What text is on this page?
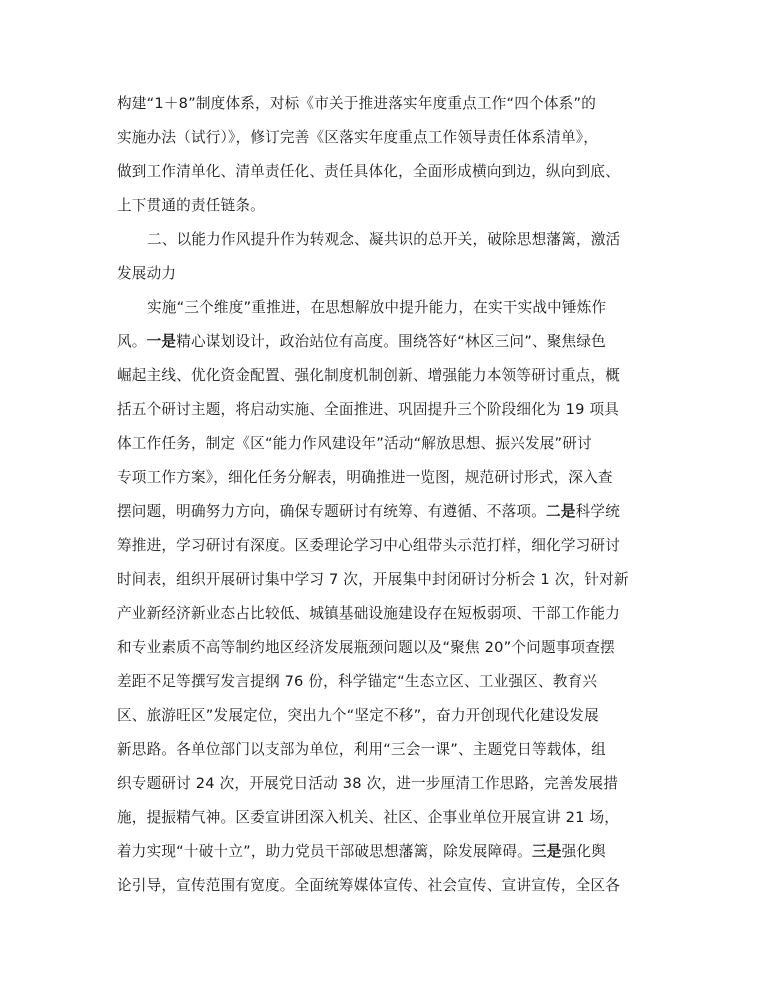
构建“1＋8”制度体系，对标《市关于推进落实年度重点工作“四个体系”的
实施办法（试行）》，修订完善《区落实年度重点工作领导责任体系清单》，
做到工作清单化、清单责任化、责任具体化，全面形成横向到边，纵向到底、
上下贯通的责任链条。
二、以能力作风提升作为转观念、凝共识的总开关，破除思想藩篱，激活
发展动力
实施“三个维度”重推进，在思想解放中提升能力，在实干实战中锤炼作
风。一是精心谋划设计，政治站位有高度。围绕答好“林区三问”、聚焦绿色
崛起主线、优化资金配置、强化制度机制创新、增强能力本领等研讨重点，概
括五个研讨主题，将启动实施、全面推进、巩固提升三个阶段细化为 19 项具
体工作任务，制定《区“能力作风建设年”活动“解放思想、振兴发展”研讨
专项工作方案》，细化任务分解表，明确推进一览图，规范研讨形式，深入查
摆问题，明确努力方向，确保专题研讨有统筹、有遵循、不落项。二是科学统
筹推进，学习研讨有深度。区委理论学习中心组带头示范打样，细化学习研讨
时间表，组织开展研讨集中学习 7 次，开展集中封闭研讨分析会 1 次，针对新
产业新经济新业态占比较低、城镇基础设施建设存在短板弱项、干部工作能力
和专业素质不高等制约地区经济发展瓶颈问题以及“聚焦 20”个问题事项查摆
差距不足等撰写发言提纲 76 份，科学锚定“生态立区、工业强区、教育兴
区、旅游旺区”发展定位，突出九个“坚定不移”，奋力开创现代化建设发展
新思路。各单位部门以支部为单位，利用“三会一课”、主题党日等载体，组
织专题研讨 24 次，开展党日活动 38 次，进一步厘清工作思路，完善发展措
施，提振精气神。区委宣讲团深入机关、社区、企事业单位开展宣讲 21 场，
着力实现“十破十立”，助力党员干部破思想藩篱，除发展障碍。三是强化舆
论引导，宣传范围有宽度。全面统筹媒体宣传、社会宣传、宣讲宣传，全区各
